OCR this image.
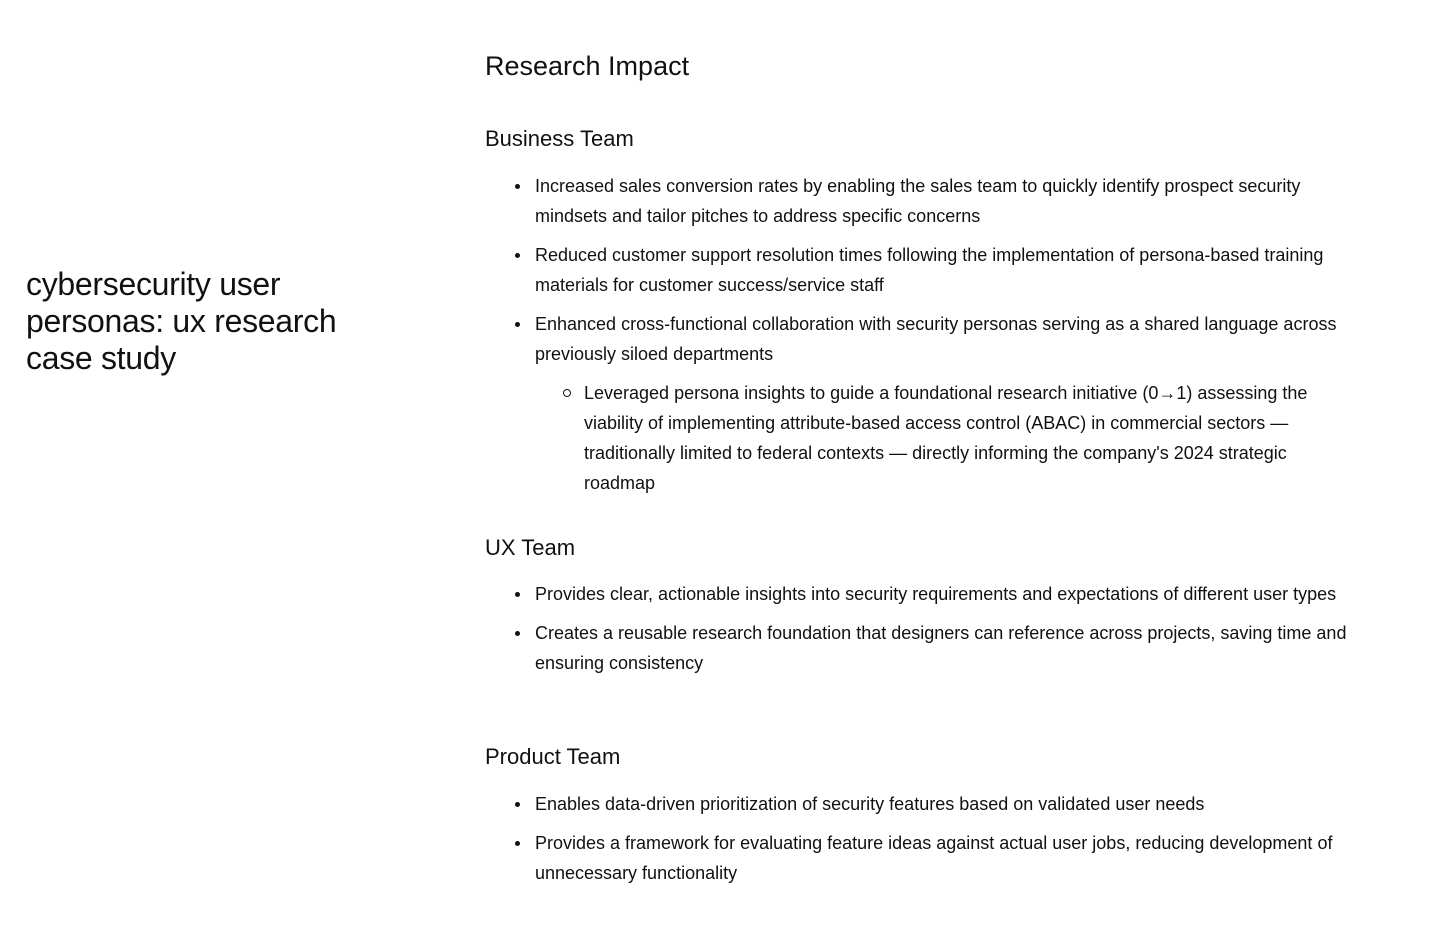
cybersecurity user personas: ux research case study
Research Impact
Business Team
Increased sales conversion rates by enabling the sales team to quickly identify prospect security mindsets and tailor pitches to address specific concerns
Reduced customer support resolution times following the implementation of persona-based training materials for customer success/service staff
Enhanced cross-functional collaboration with security personas serving as a shared language across previously siloed departments
Leveraged persona insights to guide a foundational research initiative (0→1) assessing the viability of implementing attribute-based access control (ABAC) in commercial sectors — traditionally limited to federal contexts — directly informing the company's 2024 strategic roadmap
UX Team
Provides clear, actionable insights into security requirements and expectations of different user types
Creates a reusable research foundation that designers can reference across projects, saving time and ensuring consistency
Product Team
Enables data-driven prioritization of security features based on validated user needs
Provides a framework for evaluating feature ideas against actual user jobs, reducing development of unnecessary functionality
